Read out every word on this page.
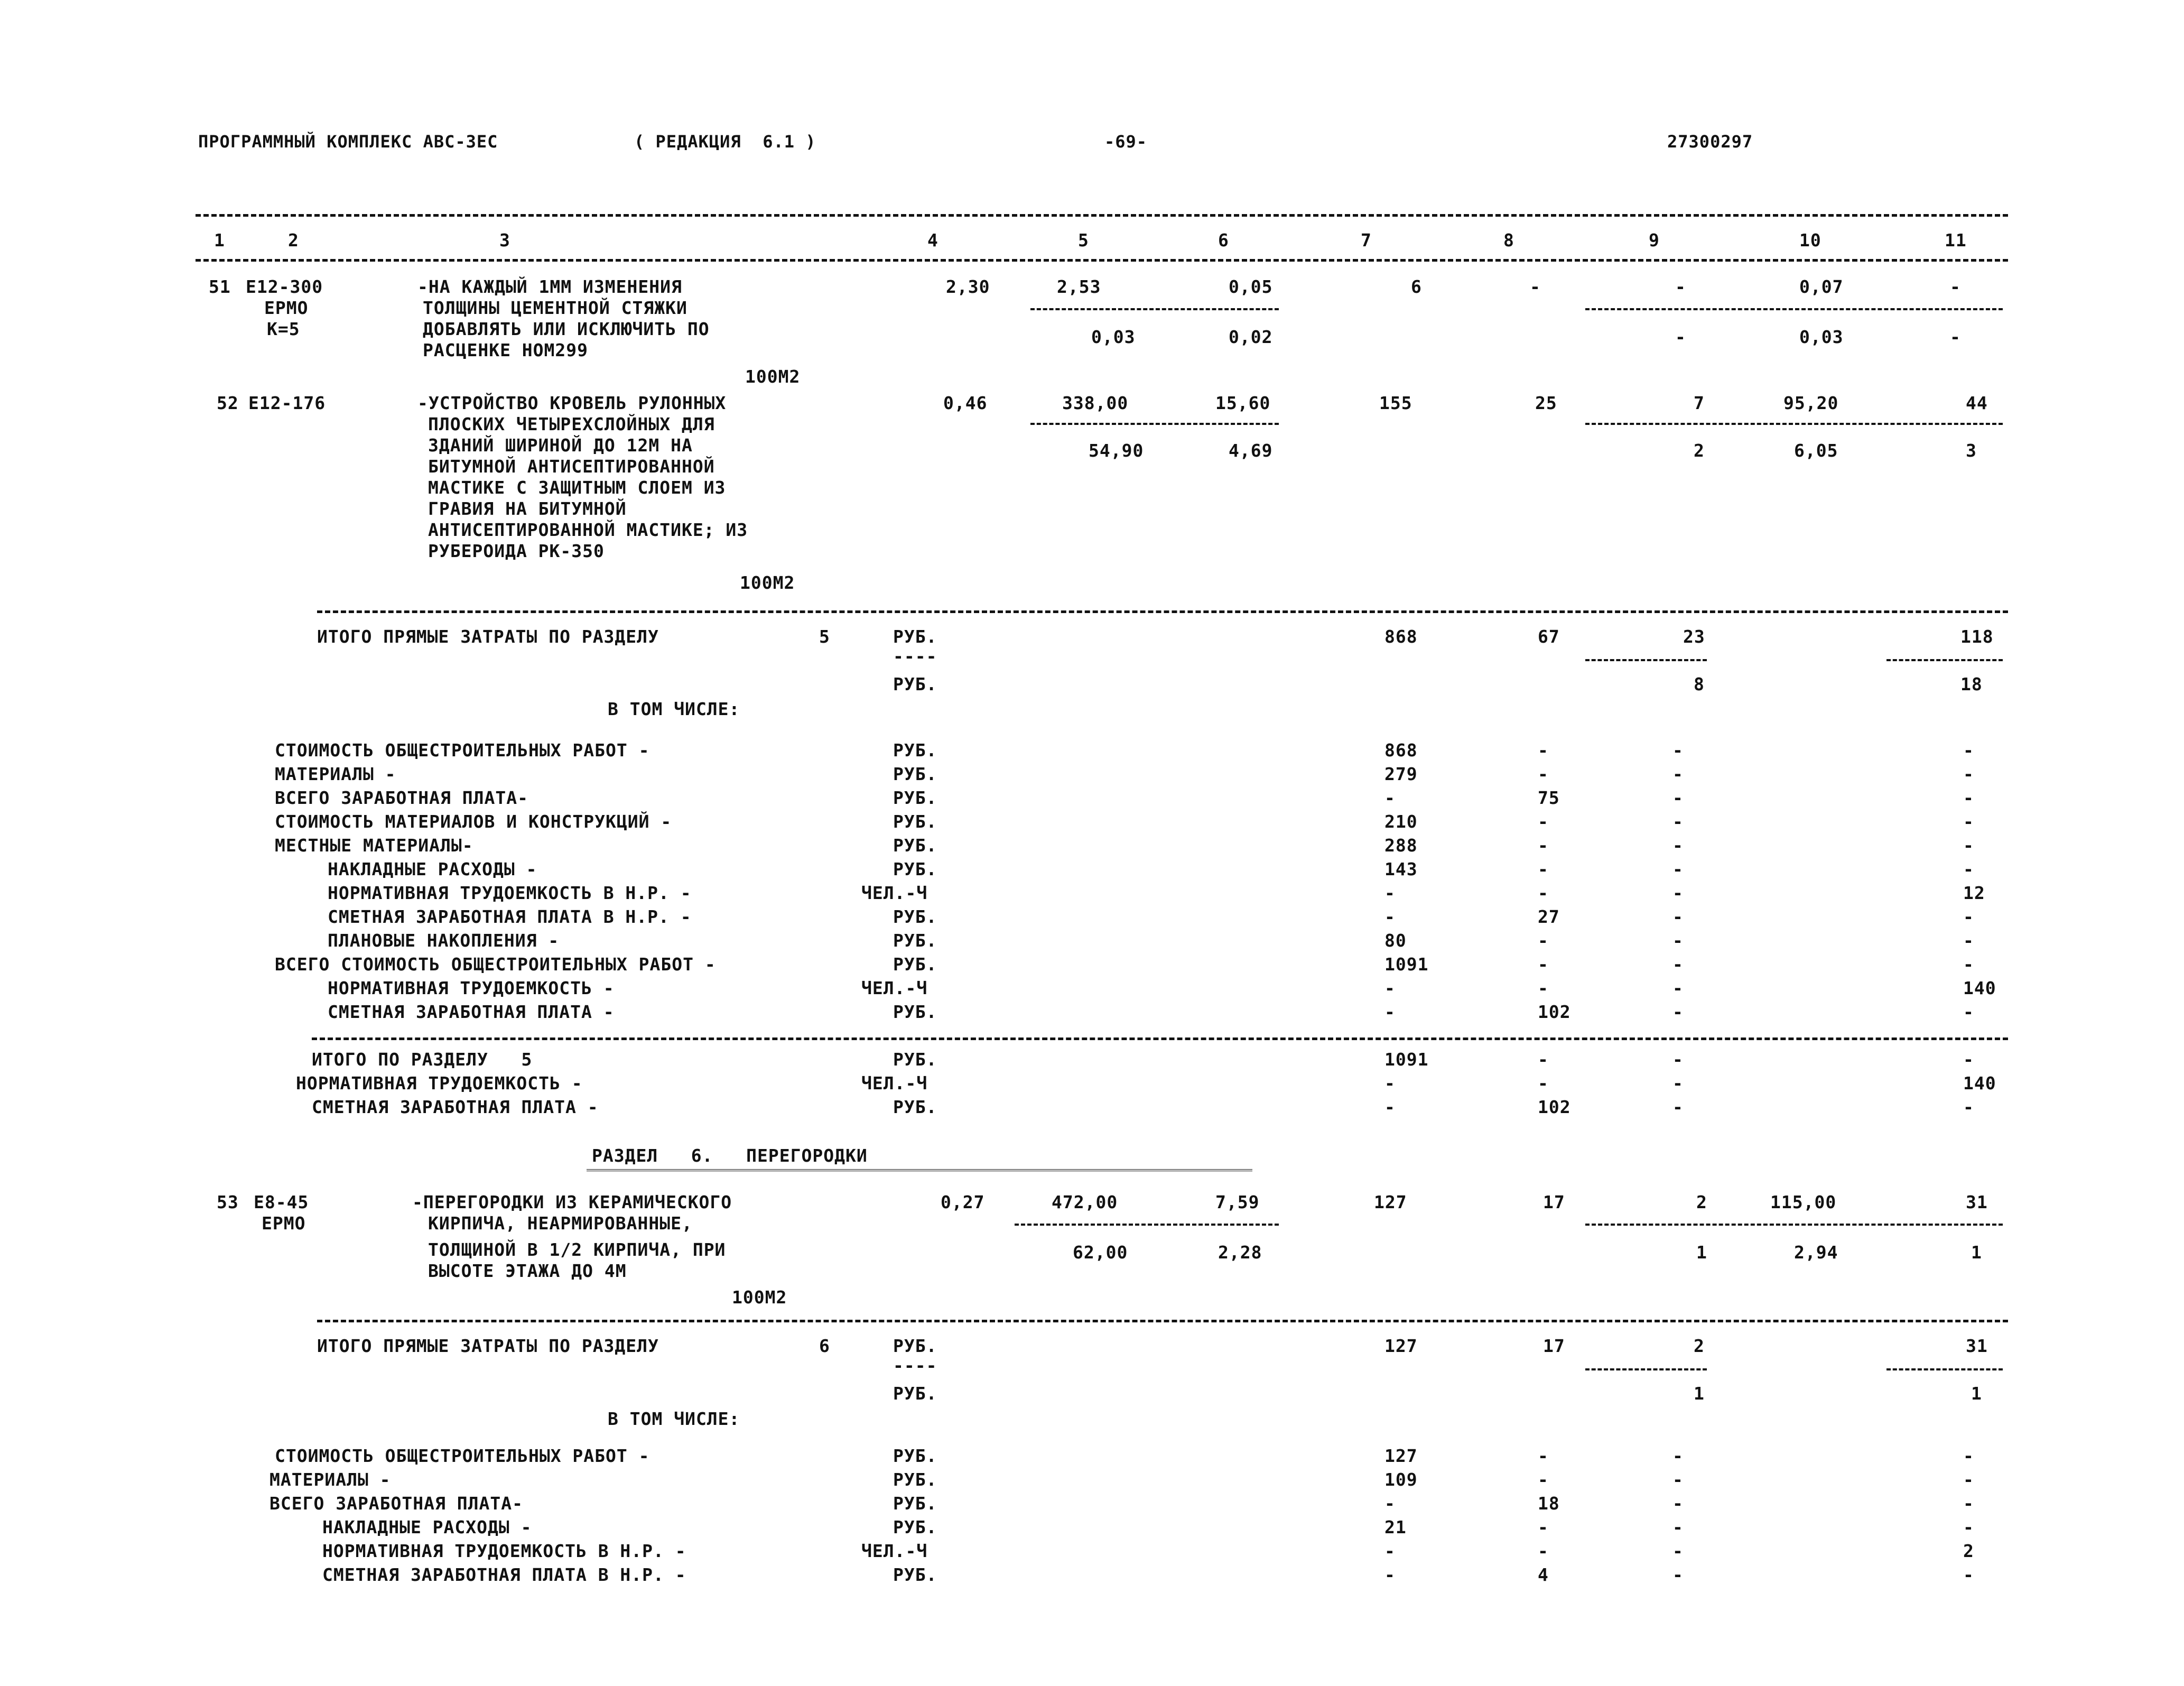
ПРОГРАММНЫЙ КОМПЛЕКС АВС-3ЕС	( РЕДАКЦИЯ  6.1 )	-69-	27300297
1	2	3	4	5	6	7	8	9	10	11
51 Е12-300
ЕРМО
К=5
-НА КАЖДЫЙ 1ММ ИЗМЕНЕНИЯ
ТОЛЩИНЫ ЦЕМЕНТНОЙ СТЯЖКИ
ДОБАВЛЯТЬ ИЛИ ИСКЛЮЧИТЬ ПО
РАСЦЕНКЕ НОМ299
100М2
2,30	2,53	0,05	6	-	-	0,07	-
0,03	0,02	-	0,03	-
52 Е12-176	-УСТРОЙСТВО КРОВЕЛЬ РУЛОННЫХ
ПЛОСКИХ ЧЕТЫРЕХСЛОЙНЫХ ДЛЯ
ЗДАНИЙ ШИРИНОЙ ДО 12М НА
БИТУМНОЙ АНТИСЕПТИРОВАННОЙ
МАСТИКЕ С ЗАЩИТНЫМ СЛОЕМ ИЗ
ГРАВИЯ НА БИТУМНОЙ
АНТИСЕПТИРОВАННОЙ МАСТИКЕ; ИЗ
РУБЕРОИДА РК-350
100М2
0,46	338,00	15,60	155	25	7	95,20	44
54,90	4,69	2	6,05	3
ИТОГО ПРЯМЫЕ ЗАТРАТЫ ПО РАЗДЕЛУ	5	РУБ.	868	67	23	118
----
РУБ.	8	18
В ТОМ ЧИСЛЕ:
СТОИМОСТЬ ОБЩЕСТРОИТЕЛЬНЫХ РАБОТ -	РУБ.	868	-	-	-
МАТЕРИАЛЫ -	РУБ.	279	-	-	-
ВСЕГО ЗАРАБОТНАЯ ПЛАТА-	РУБ.	-	75	-	-
СТОИМОСТЬ МАТЕРИАЛОВ И КОНСТРУКЦИЙ -	РУБ.	210	-	-	-
МЕСТНЫЕ МАТЕРИАЛЫ-	РУБ.	288	-	-	-
НАКЛАДНЫЕ РАСХОДЫ -	РУБ.	143	-	-	-
НОРМАТИВНАЯ ТРУДОЕМКОСТЬ В Н.Р. -	ЧЕЛ.-Ч	-	-	-	12
СМЕТНАЯ ЗАРАБОТНАЯ ПЛАТА В Н.Р. -	РУБ.	-	27	-	-
ПЛАНОВЫЕ НАКОПЛЕНИЯ -	РУБ.	80	-	-	-
ВСЕГО СТОИМОСТЬ ОБЩЕСТРОИТЕЛЬНЫХ РАБОТ -	РУБ.	1091	-	-	-
НОРМАТИВНАЯ ТРУДОЕМКОСТЬ -	ЧЕЛ.-Ч	-	-	-	140
СМЕТНАЯ ЗАРАБОТНАЯ ПЛАТА -	РУБ.	-	102	-	-
ИТОГО ПО РАЗДЕЛУ   5	РУБ.	1091	-	-	-
НОРМАТИВНАЯ ТРУДОЕМКОСТЬ -	ЧЕЛ.-Ч	-	-	-	140
СМЕТНАЯ ЗАРАБОТНАЯ ПЛАТА -	РУБ.	-	102	-	-
РАЗДЕЛ   6.   ПЕРЕГОРОДКИ
53 Е8-45
ЕРМО
-ПЕРЕГОРОДКИ ИЗ КЕРАМИЧЕСКОГО
КИРПИЧА, НЕАРМИРОВАННЫЕ,
ТОЛЩИНОЙ В 1/2 КИРПИЧА, ПРИ
ВЫСОТЕ ЭТАЖА ДО 4М
100М2
0,27	472,00	7,59	127	17	2	115,00	31
62,00	2,28	1	2,94	1
ИТОГО ПРЯМЫЕ ЗАТРАТЫ ПО РАЗДЕЛУ	6	РУБ.	127	17	2	31
----
РУБ.	1	1
В ТОМ ЧИСЛЕ:
СТОИМОСТЬ ОБЩЕСТРОИТЕЛЬНЫХ РАБОТ -	РУБ.	127	-	-	-
МАТЕРИАЛЫ -	РУБ.	109	-	-	-
ВСЕГО ЗАРАБОТНАЯ ПЛАТА-	РУБ.	-	18	-	-
НАКЛАДНЫЕ РАСХОДЫ -	РУБ.	21	-	-	-
НОРМАТИВНАЯ ТРУДОЕМКОСТЬ В Н.Р. -	ЧЕЛ.-Ч	-	-	-	2
СМЕТНАЯ ЗАРАБОТНАЯ ПЛАТА В Н.Р. -	РУБ.	-	4	-	-
